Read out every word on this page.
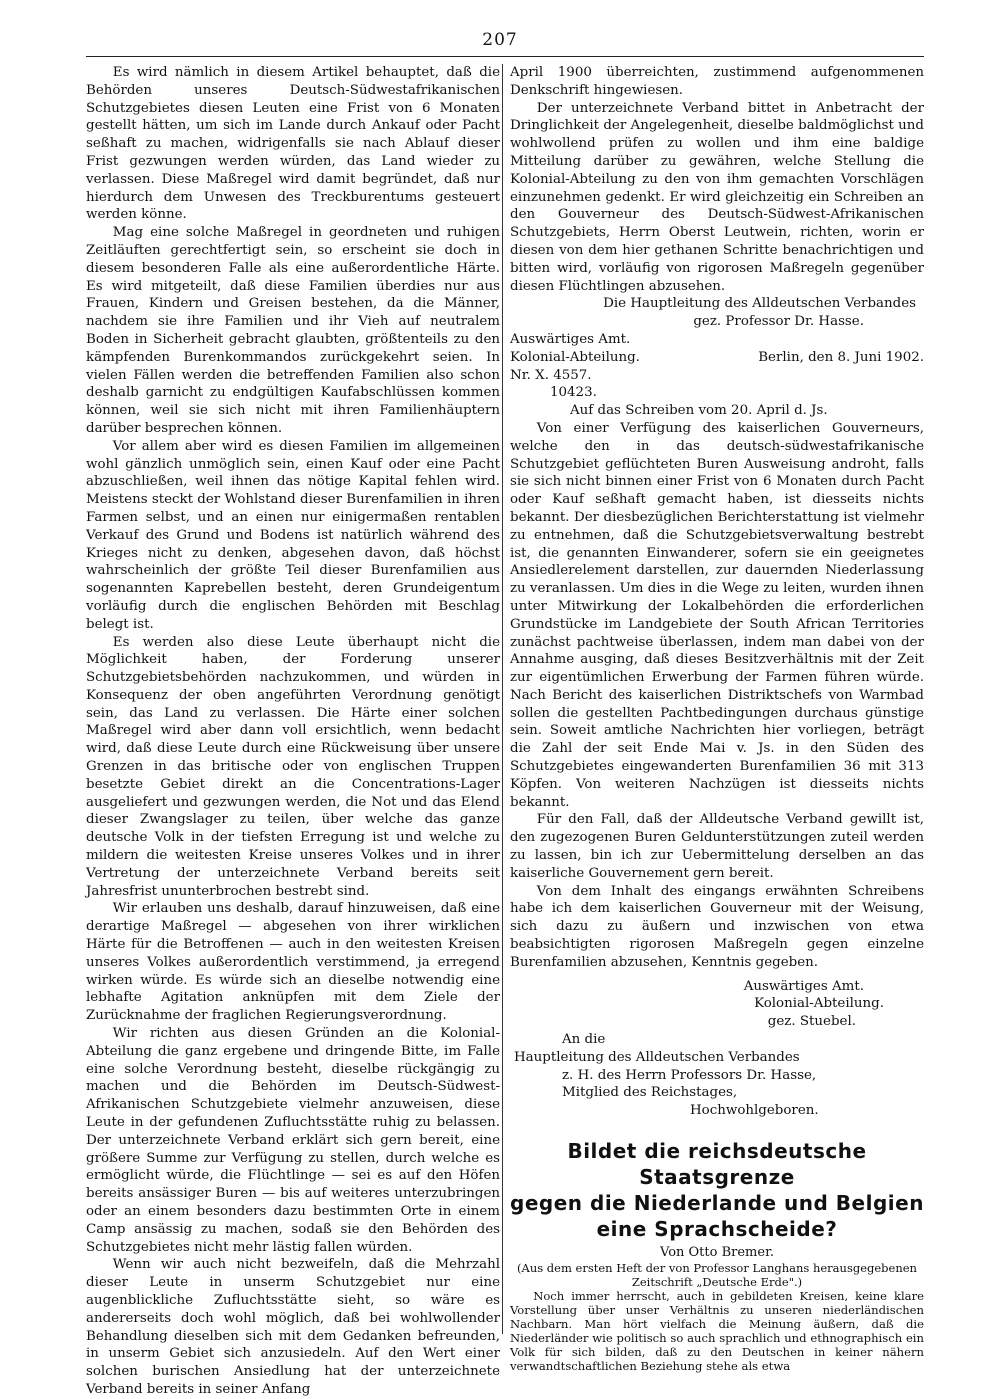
207

Es wird nämlich in diesem Artikel behauptet, daß die Behörden unseres Deutsch-Südwestafrikanischen Schutzgebietes diesen Leuten eine Frist von 6 Monaten gestellt hätten, um sich im Lande durch Ankauf oder Pacht seßhaft zu machen, widrigenfalls sie nach Ablauf dieser Frist gezwungen werden würden, das Land wieder zu verlassen. Diese Maßregel wird damit begründet, daß nur hierdurch dem Unwesen des Treckburentums gesteuert werden könne.

Mag eine solche Maßregel in geordneten und ruhigen Zeitläuften gerechtfertigt sein, so erscheint sie doch in diesem besonderen Falle als eine außerordentliche Härte. Es wird mitgeteilt, daß diese Familien überdies nur aus Frauen, Kindern und Greisen bestehen, da die Männer, nachdem sie ihre Familien und ihr Vieh auf neutralem Boden in Sicherheit gebracht glaubten, größtenteils zu den kämpfenden Burenkommandos zurückgekehrt seien. In vielen Fällen werden die betreffenden Familien also schon deshalb garnicht zu endgültigen Kaufabschlüssen kommen können, weil sie sich nicht mit ihren Familienhäuptern darüber besprechen können.

Vor allem aber wird es diesen Familien im allgemeinen wohl gänzlich unmöglich sein, einen Kauf oder eine Pacht abzuschließen, weil ihnen das nötige Kapital fehlen wird. Meistens steckt der Wohlstand dieser Burenfamilien in ihren Farmen selbst, und an einen nur einigermaßen rentablen Verkauf des Grund und Bodens ist natürlich während des Krieges nicht zu denken, abgesehen davon, daß höchst wahrscheinlich der größte Teil dieser Burenfamilien aus sogenannten Kaprebellen besteht, deren Grundeigentum vorläufig durch die englischen Behörden mit Beschlag belegt ist.

Es werden also diese Leute überhaupt nicht die Möglichkeit haben, der Forderung unserer Schutzgebietsbehörden nachzukommen, und würden in Konsequenz der oben angeführten Verordnung genötigt sein, das Land zu verlassen. Die Härte einer solchen Maßregel wird aber dann voll ersichtlich, wenn bedacht wird, daß diese Leute durch eine Rückweisung über unsere Grenzen in das britische oder von englischen Truppen besetzte Gebiet direkt an die Concentrations-Lager ausgeliefert und gezwungen werden, die Not und das Elend dieser Zwangslager zu teilen, über welche das ganze deutsche Volk in der tiefsten Erregung ist und welche zu mildern die weitesten Kreise unseres Volkes und in ihrer Vertretung der unterzeichnete Verband bereits seit Jahresfrist ununterbrochen bestrebt sind.

Wir erlauben uns deshalb, darauf hinzuweisen, daß eine derartige Maßregel — abgesehen von ihrer wirklichen Härte für die Betroffenen — auch in den weitesten Kreisen unseres Volkes außerordentlich verstimmend, ja erregend wirken würde. Es würde sich an dieselbe notwendig eine lebhafte Agitation anknüpfen mit dem Ziele der Zurücknahme der fraglichen Regierungsverordnung.

Wir richten aus diesen Gründen an die Kolonial-Abteilung die ganz ergebene und dringende Bitte, im Falle eine solche Verordnung besteht, dieselbe rückgängig zu machen und die Behörden im Deutsch-Südwest-Afrikanischen Schutzgebiete vielmehr anzuweisen, diese Leute in der gefundenen Zufluchtsstätte ruhig zu belassen. Der unterzeichnete Verband erklärt sich gern bereit, eine größere Summe zur Verfügung zu stellen, durch welche es ermöglicht würde, die Flüchtlinge — sei es auf den Höfen bereits ansässiger Buren — bis auf weiteres unterzubringen oder an einem besonders dazu bestimmten Orte in einem Camp ansässig zu machen, sodaß sie den Behörden des Schutzgebietes nicht mehr lästig fallen würden.

Wenn wir auch nicht bezweifeln, daß die Mehrzahl dieser Leute in unserm Schutzgebiet nur eine augenblickliche Zufluchtsstätte sieht, so wäre es andererseits doch wohl möglich, daß bei wohlwollender Behandlung dieselben sich mit dem Gedanken befreunden, in unserm Gebiet sich anzusiedeln. Auf den Wert einer solchen burischen Ansiedlung hat der unterzeichnete Verband bereits in seiner Anfang

April 1900 überreichten, zustimmend aufgenommenen Denkschrift hingewiesen.

Der unterzeichnete Verband bittet in Anbetracht der Dringlichkeit der Angelegenheit, dieselbe baldmöglichst und wohlwollend prüfen zu wollen und ihm eine baldige Mitteilung darüber zu gewähren, welche Stellung die Kolonial-Abteilung zu den von ihm gemachten Vorschlägen einzunehmen gedenkt. Er wird gleichzeitig ein Schreiben an den Gouverneur des Deutsch-Südwest-Afrikanischen Schutzgebiets, Herrn Oberst Leutwein, richten, worin er diesen von dem hier gethanen Schritte benachrichtigen und bitten wird, vorläufig von rigorosen Maßregeln gegenüber diesen Flüchtlingen abzusehen.

Die Hauptleitung des Alldeutschen Verbandes
gez. Professor Dr. Hasse.
Auswärtiges Amt.
Kolonial-Abteilung.	Berlin, den 8. Juni 1902.
Nr. X. 4557.
10423.
Auf das Schreiben vom 20. April d. Js.

Von einer Verfügung des kaiserlichen Gouverneurs, welche den in das deutsch-südwestafrikanische Schutzgebiet geflüchteten Buren Ausweisung androht, falls sie sich nicht binnen einer Frist von 6 Monaten durch Pacht oder Kauf seßhaft gemacht haben, ist diesseits nichts bekannt. Der diesbezüglichen Berichterstattung ist vielmehr zu entnehmen, daß die Schutzgebietsverwaltung bestrebt ist, die genannten Einwanderer, sofern sie ein geeignetes Ansiedlerelement darstellen, zur dauernden Niederlassung zu veranlassen. Um dies in die Wege zu leiten, wurden ihnen unter Mitwirkung der Lokalbehörden die erforderlichen Grundstücke im Landgebiete der South African Territories zunächst pachtweise überlassen, indem man dabei von der Annahme ausging, daß dieses Besitzverhältnis mit der Zeit zur eigentümlichen Erwerbung der Farmen führen würde. Nach Bericht des kaiserlichen Distriktschefs von Warmbad sollen die gestellten Pachtbedingungen durchaus günstige sein. Soweit amtliche Nachrichten hier vorliegen, beträgt die Zahl der seit Ende Mai v. Js. in den Süden des Schutzgebietes eingewanderten Burenfamilien 36 mit 313 Köpfen. Von weiteren Nachzügen ist diesseits nichts bekannt.

Für den Fall, daß der Alldeutsche Verband gewillt ist, den zugezogenen Buren Geldunterstützungen zuteil werden zu lassen, bin ich zur Uebermittelung derselben an das kaiserliche Gouvernement gern bereit.

Von dem Inhalt des eingangs erwähnten Schreibens habe ich dem kaiserlichen Gouverneur mit der Weisung, sich dazu zu äußern und inzwischen von etwa beabsichtigten rigorosen Maßregeln gegen einzelne Burenfamilien abzusehen, Kenntnis gegeben.

Auswärtiges Amt.
Kolonial-Abteilung.
gez. Stuebel.
An die
Hauptleitung des Alldeutschen Verbandes
z. H. des Herrn Professors Dr. Hasse,
Mitglied des Reichstages,
Hochwohlgeboren.
Bildet die reichsdeutsche Staatsgrenze
gegen die Niederlande und Belgien eine Sprachscheide?
Von Otto Bremer.
(Aus dem ersten Heft der von Professor Langhans herausgegebenen
Zeitschrift „Deutsche Erde".)

Noch immer herrscht, auch in gebildeten Kreisen, keine klare Vorstellung über unser Verhältnis zu unseren niederländischen Nachbarn. Man hört vielfach die Meinung äußern, daß die Niederländer wie politisch so auch sprachlich und ethnographisch ein Volk für sich bilden, daß zu den Deutschen in keiner nähern verwandtschaftlichen Beziehung stehe als etwa
